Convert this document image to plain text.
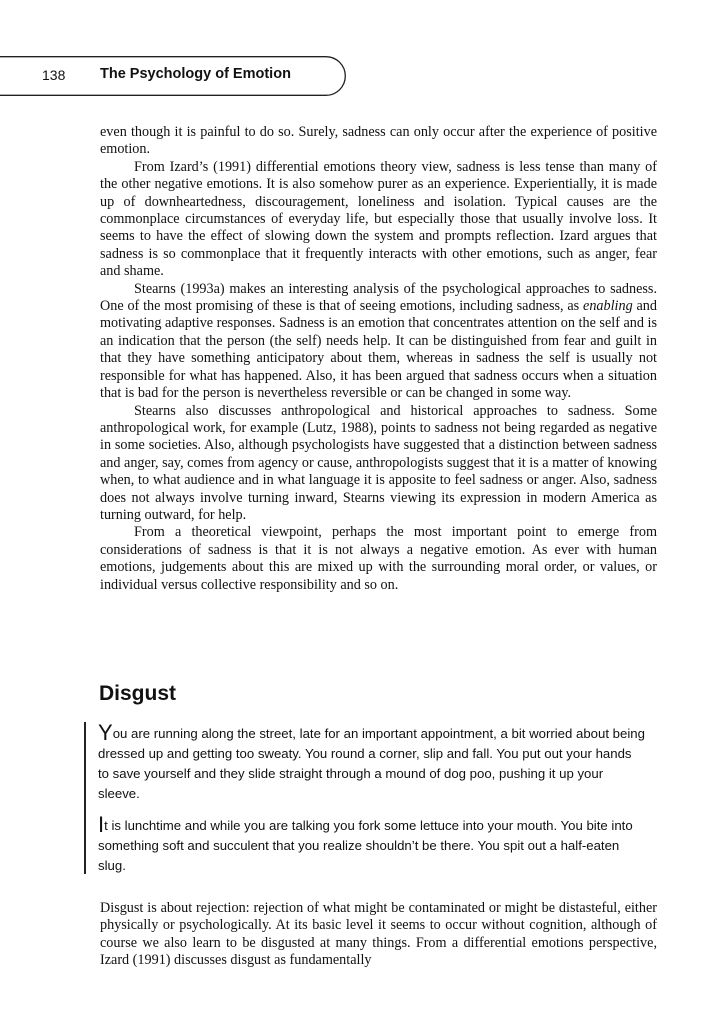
138 The Psychology of Emotion

even though it is painful to do so. Surely, sadness can only occur after the experience of positive emotion.

From Izard’s (1991) differential emotions theory view, sadness is less tense than many of the other negative emotions. It is also somehow purer as an experience. Experientially, it is made up of downheartedness, discouragement, loneliness and isolation. Typical causes are the commonplace circumstances of everyday life, but especially those that usually involve loss. It seems to have the effect of slowing down the system and prompts reflection. Izard argues that sadness is so commonplace that it frequently interacts with other emotions, such as anger, fear and shame.

Stearns (1993a) makes an interesting analysis of the psychological approaches to sadness. One of the most promising of these is that of seeing emotions, including sadness, as enabling and motivating adaptive responses. Sadness is an emotion that concentrates attention on the self and is an indication that the person (the self) needs help. It can be distinguished from fear and guilt in that they have something anticipatory about them, whereas in sadness the self is usually not responsible for what has happened. Also, it has been argued that sadness occurs when a situation that is bad for the person is nevertheless reversible or can be changed in some way.

Stearns also discusses anthropological and historical approaches to sadness. Some anthropological work, for example (Lutz, 1988), points to sadness not being regarded as negative in some societies. Also, although psychologists have suggested that a distinction between sadness and anger, say, comes from agency or cause, anthropologists suggest that it is a matter of knowing when, to what audience and in what language it is apposite to feel sadness or anger. Also, sadness does not always involve turning inward, Stearns viewing its expression in modern America as turning outward, for help.

From a theoretical viewpoint, perhaps the most important point to emerge from considerations of sadness is that it is not always a negative emotion. As ever with human emotions, judgements about this are mixed up with the surrounding moral order, or values, or individual versus collective responsibility and so on.

Disgust

You are running along the street, late for an important appointment, a bit worried about being dressed up and getting too sweaty. You round a corner, slip and fall. You put out your hands to save yourself and they slide straight through a mound of dog poo, pushing it up your sleeve.

It is lunchtime and while you are talking you fork some lettuce into your mouth. You bite into something soft and succulent that you realize shouldn’t be there. You spit out a half-eaten slug.

Disgust is about rejection: rejection of what might be contaminated or might be distasteful, either physically or psychologically. At its basic level it seems to occur without cognition, although of course we also learn to be disgusted at many things. From a differential emotions perspective, Izard (1991) discusses disgust as fundamentally
